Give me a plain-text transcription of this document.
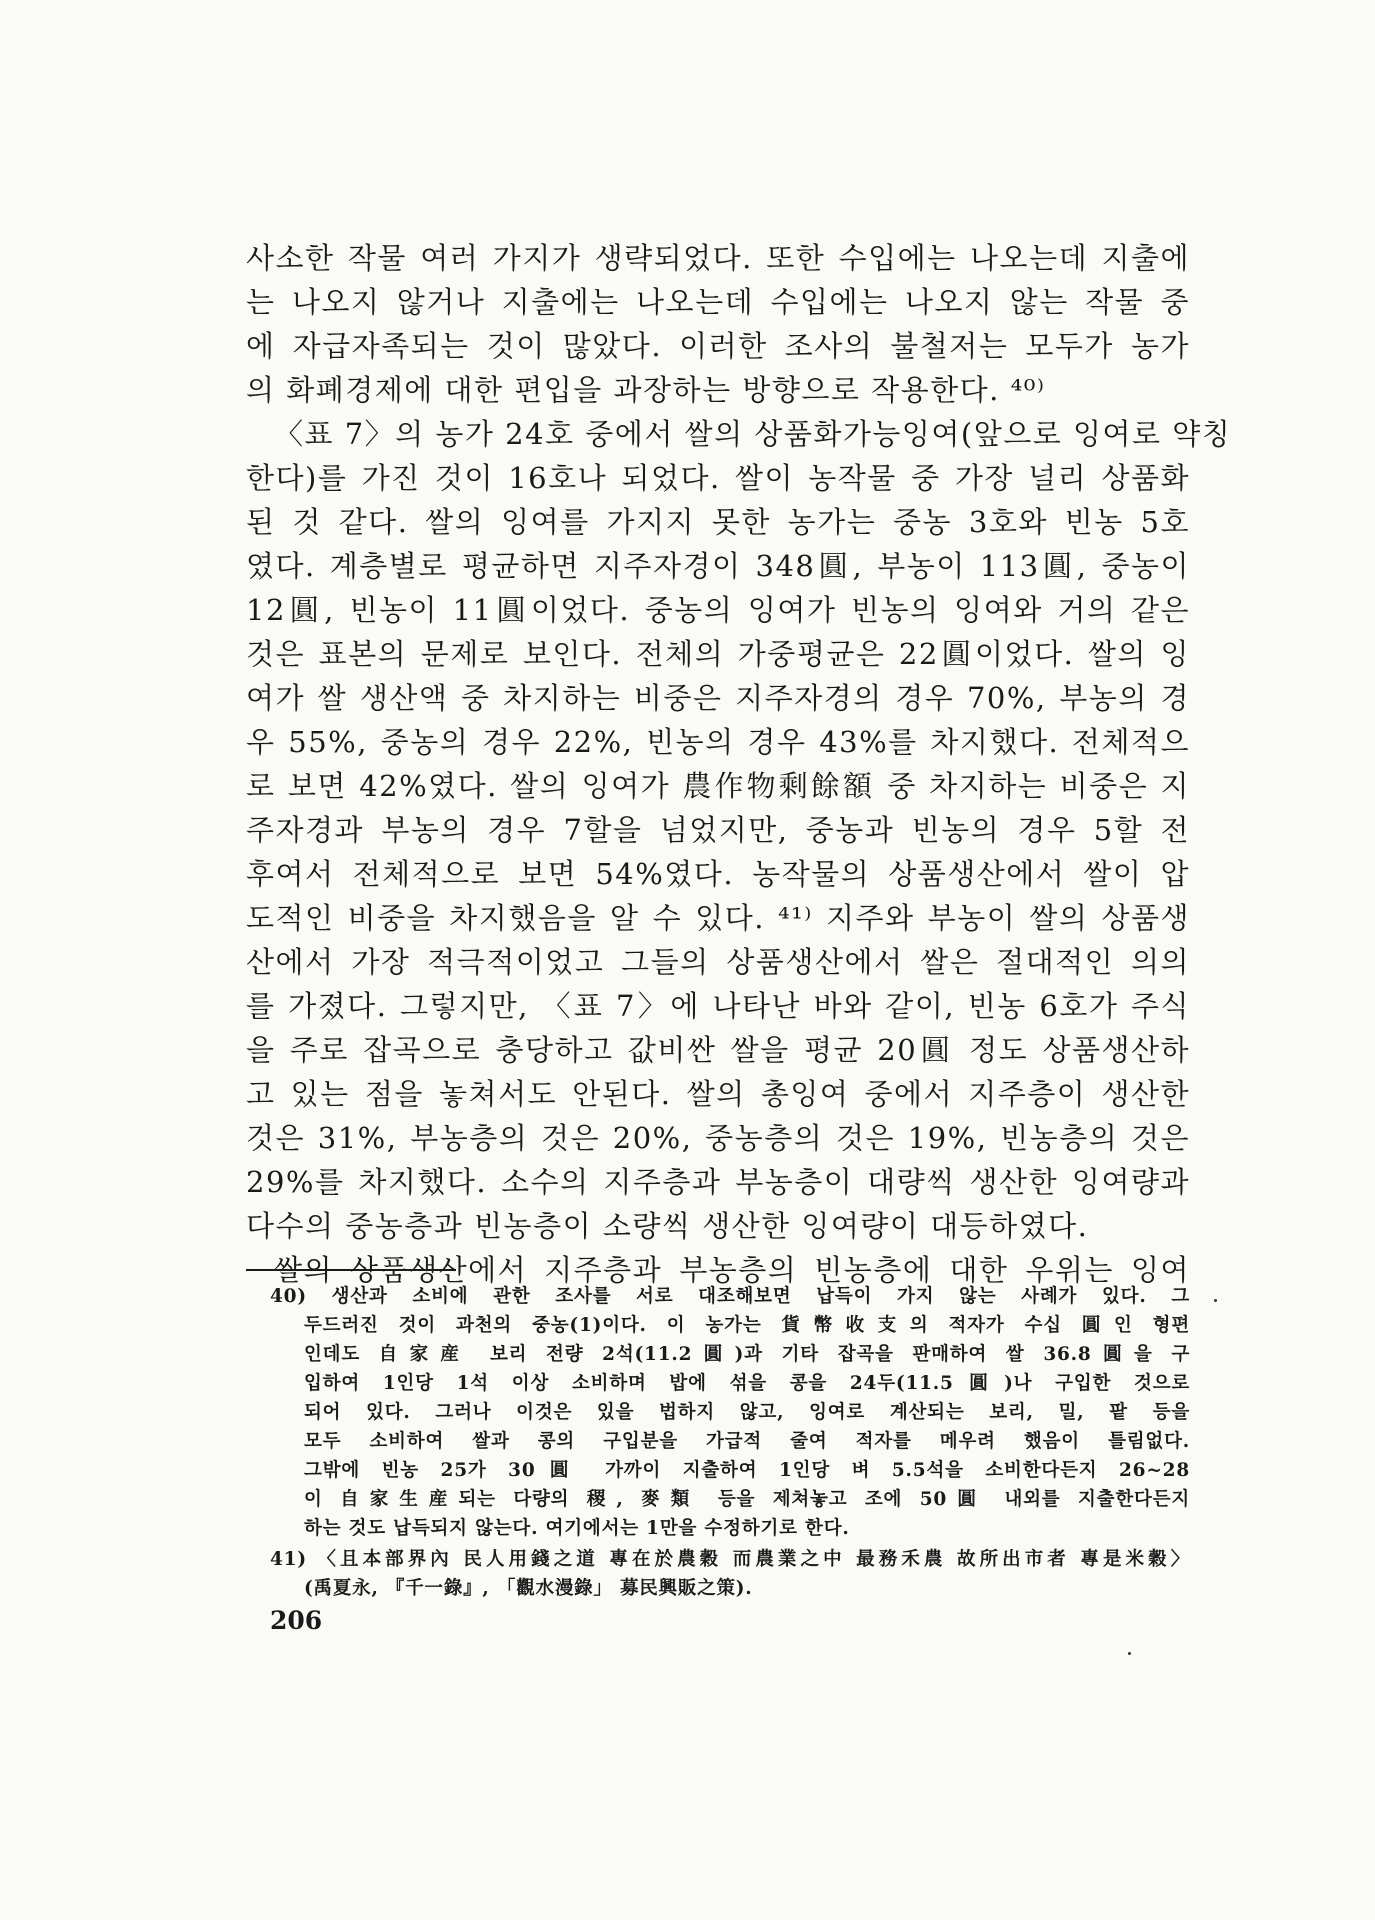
사소한 작물 여러 가지가 생략되었다. 또한 수입에는 나오는데 지출에
는 나오지 않거나 지출에는 나오는데 수입에는 나오지 않는 작물 중
에 자급자족되는 것이 많았다. 이러한 조사의 불철저는 모두가 농가
의 화폐경제에 대한 편입을 과장하는 방향으로 작용한다. ⁴⁰⁾
〈표 7〉의 농가 24호 중에서 쌀의 상품화가능잉여(앞으로 잉여로 약칭
한다)를 가진 것이 16호나 되었다. 쌀이 농작물 중 가장 널리 상품화
된 것 같다. 쌀의 잉여를 가지지 못한 농가는 중농 3호와 빈농 5호
였다. 계층별로 평균하면 지주자경이 348圓, 부농이 113圓, 중농이
12圓, 빈농이 11圓이었다. 중농의 잉여가 빈농의 잉여와 거의 같은
것은 표본의 문제로 보인다. 전체의 가중평균은 22圓이었다. 쌀의 잉
여가 쌀 생산액 중 차지하는 비중은 지주자경의 경우 70%, 부농의 경
우 55%, 중농의 경우 22%, 빈농의 경우 43%를 차지했다. 전체적으
로 보면 42%였다. 쌀의 잉여가 農作物剩餘額 중 차지하는 비중은 지
주자경과 부농의 경우 7할을 넘었지만, 중농과 빈농의 경우 5할 전
후여서 전체적으로 보면 54%였다. 농작물의 상품생산에서 쌀이 압
도적인 비중을 차지했음을 알 수 있다. ⁴¹⁾ 지주와 부농이 쌀의 상품생
산에서 가장 적극적이었고 그들의 상품생산에서 쌀은 절대적인 의의
를 가졌다. 그렇지만, 〈표 7〉에 나타난 바와 같이, 빈농 6호가 주식
을 주로 잡곡으로 충당하고 값비싼 쌀을 평균 20圓 정도 상품생산하
고 있는 점을 놓쳐서도 안된다. 쌀의 총잉여 중에서 지주층이 생산한
것은 31%, 부농층의 것은 20%, 중농층의 것은 19%, 빈농층의 것은
29%를 차지했다. 소수의 지주층과 부농층이 대량씩 생산한 잉여량과
다수의 중농층과 빈농층이 소량씩 생산한 잉여량이 대등하였다.
쌀의 상품생산에서 지주층과 부농층의 빈농층에 대한 우위는 잉여
40) 생산과 소비에 관한 조사를 서로 대조해보면 납득이 가지 않는 사례가 있다. 그
두드러진 것이 과천의 중농(1)이다. 이 농가는 貨幣收支의 적자가 수십 圓인 형편
인데도 自家産 보리 전량 2석(11.2圓)과 기타 잡곡을 판매하여 쌀 36.8圓을 구
입하여 1인당 1석 이상 소비하며 밥에 섞을 콩을 24두(11.5圓)나 구입한 것으로
되어 있다. 그러나 이것은 있을 법하지 않고, 잉여로 계산되는 보리, 밀, 팥 등을
모두 소비하여 쌀과 콩의 구입분을 가급적 줄여 적자를 메우려 했음이 틀림없다.
그밖에 빈농 25가 30圓 가까이 지출하여 1인당 벼 5.5석을 소비한다든지 26~28
이 自家生産되는 다량의 稷, 麥類 등을 제쳐놓고 조에 50圓 내외를 지출한다든지
하는 것도 납득되지 않는다. 여기에서는 1만을 수정하기로 한다.
41) 〈且本部界內 民人用錢之道 專在於農穀 而農業之中 最務禾農 故所出市者 專是米穀〉
(禹夏永, 『千一錄』, 「觀水漫錄」 募民興販之策).
206
